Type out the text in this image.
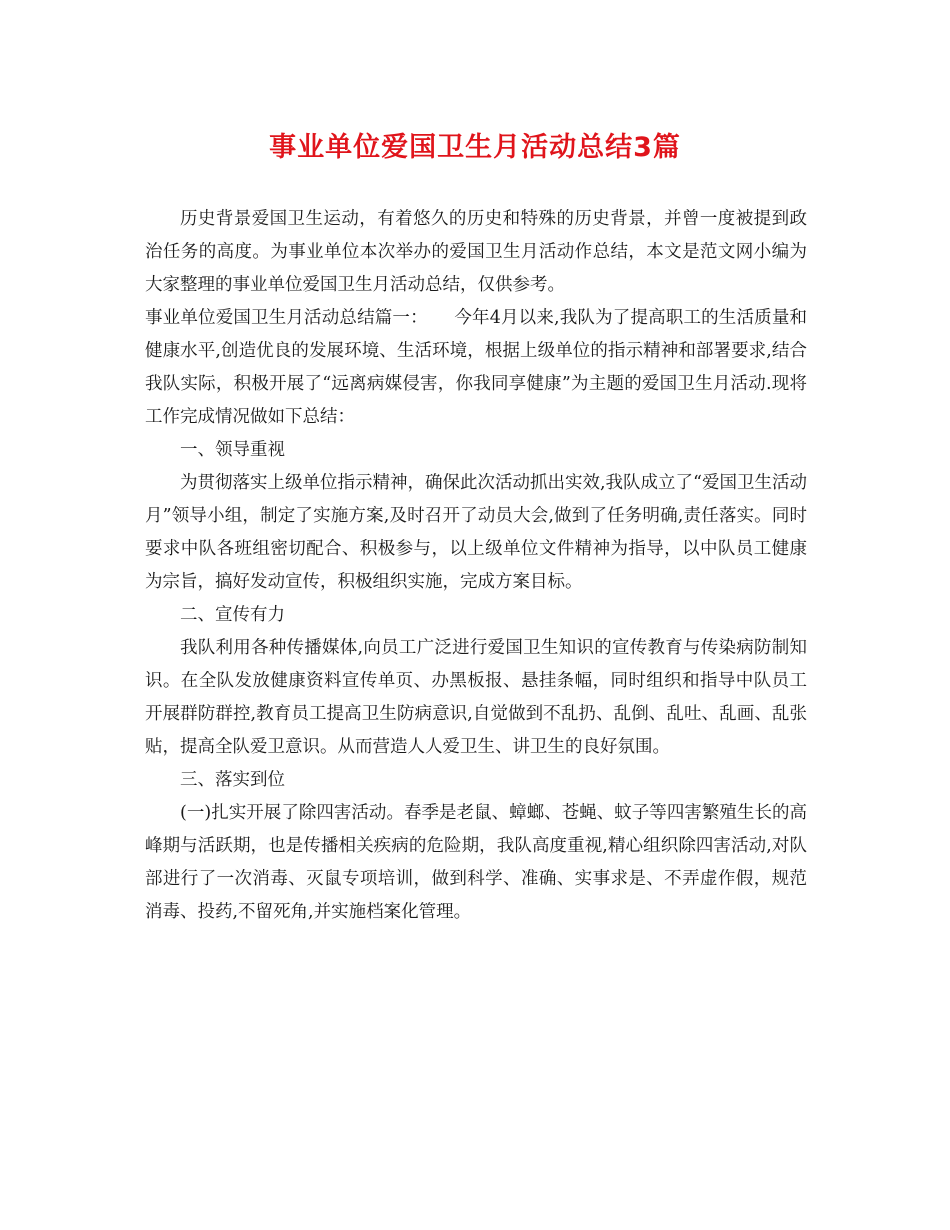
事业单位爱国卫生月活动总结3篇

历史背景爱国卫生运动，有着悠久的历史和特殊的历史背景，并曾一度被提到政治任务的高度。为事业单位本次举办的爱国卫生月活动作总结，本文是范文网小编为大家整理的事业单位爱国卫生月活动总结，仅供参考。

事业单位爱国卫生月活动总结篇一：　　今年4月以来,我队为了提高职工的生活质量和健康水平,创造优良的发展环境、生活环境，根据上级单位的指示精神和部署要求,结合我队实际，积极开展了“远离病媒侵害，你我同享健康”为主题的爱国卫生月活动.现将工作完成情况做如下总结：

一、领导重视

为贯彻落实上级单位指示精神，确保此次活动抓出实效,我队成立了“爱国卫生活动月”领导小组，制定了实施方案,及时召开了动员大会,做到了任务明确,责任落实。同时要求中队各班组密切配合、积极参与，以上级单位文件精神为指导，以中队员工健康为宗旨，搞好发动宣传，积极组织实施，完成方案目标。

二、宣传有力

我队利用各种传播媒体,向员工广泛进行爱国卫生知识的宣传教育与传染病防制知识。在全队发放健康资料宣传单页、办黑板报、悬挂条幅，同时组织和指导中队员工开展群防群控,教育员工提高卫生防病意识,自觉做到不乱扔、乱倒、乱吐、乱画、乱张贴，提高全队爱卫意识。从而营造人人爱卫生、讲卫生的良好氛围。

三、落实到位

(一)扎实开展了除四害活动。春季是老鼠、蟑螂、苍蝇、蚊子等四害繁殖生长的高峰期与活跃期，也是传播相关疾病的危险期，我队高度重视,精心组织除四害活动,对队部进行了一次消毒、灭鼠专项培训，做到科学、准确、实事求是、不弄虚作假，规范消毒、投药,不留死角,并实施档案化管理。
